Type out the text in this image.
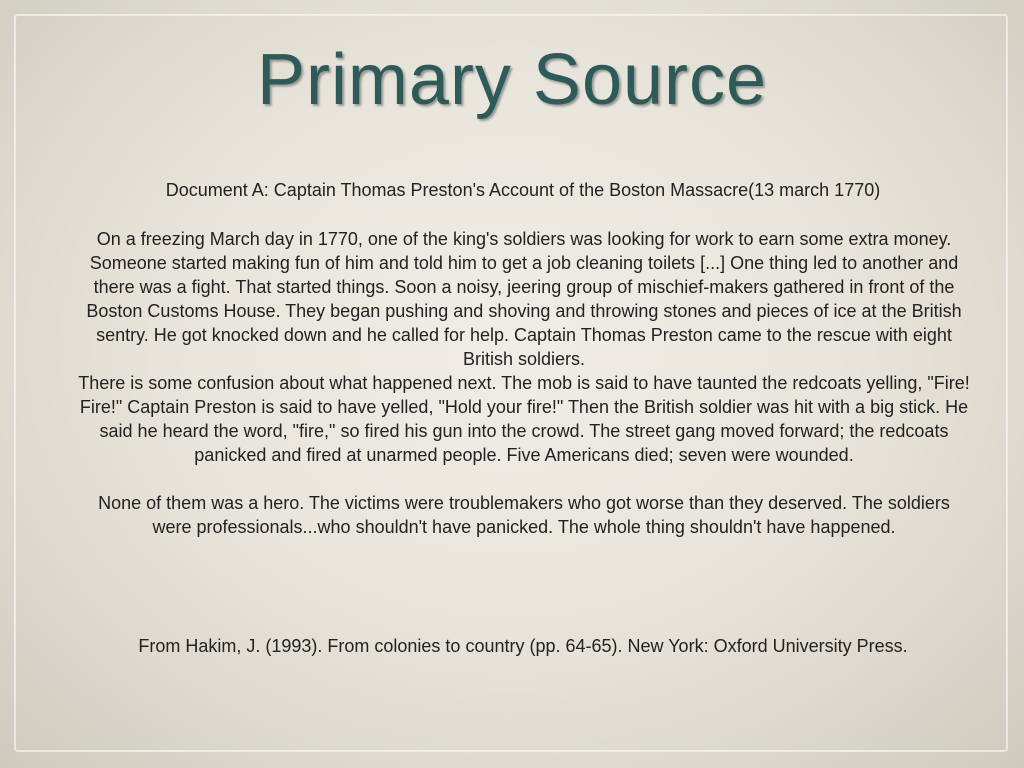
Primary Source

Document A: Captain Thomas Preston's Account of the Boston Massacre(13 march 1770)

On a freezing March day in 1770, one of the king's soldiers was looking for work to earn some extra money. Someone started making fun of him and told him to get a job cleaning toilets [...] One thing led to another and there was a fight. That started things. Soon a noisy, jeering group of mischief-makers gathered in front of the Boston Customs House. They began pushing and shoving and throwing stones and pieces of ice at the British sentry. He got knocked down and he called for help. Captain Thomas Preston came to the rescue with eight British soldiers.

There is some confusion about what happened next. The mob is said to have taunted the redcoats yelling, "Fire! Fire!" Captain Preston is said to have yelled, "Hold your fire!" Then the British soldier was hit with a big stick. He said he heard the word, "fire," so fired his gun into the crowd. The street gang moved forward; the redcoats panicked and fired at unarmed people. Five Americans died; seven were wounded.

None of them was a hero. The victims were troublemakers who got worse than they deserved. The soldiers were professionals...who shouldn't have panicked. The whole thing shouldn't have happened.

From Hakim, J. (1993). From colonies to country (pp. 64-65). New York: Oxford University Press.
